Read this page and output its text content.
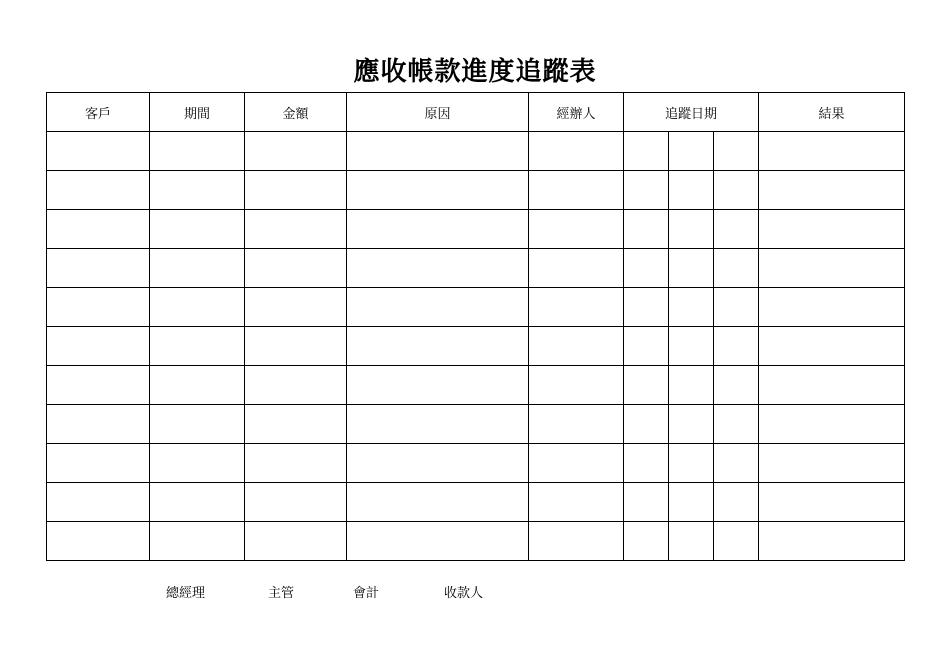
應收帳款進度追蹤表
客戶	期間	金額	原因	經辦人	追蹤日期			結果

總經理	主管	會計	收款人
